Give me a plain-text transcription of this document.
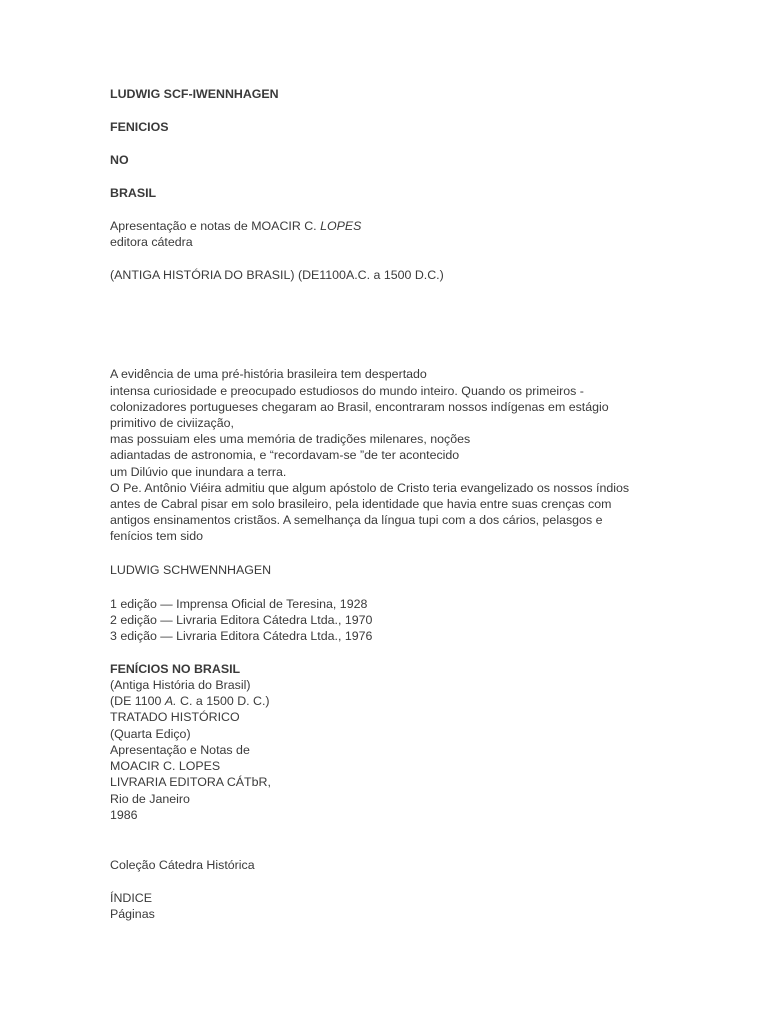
LUDWIG SCF-IWENNHAGEN
FENICIOS
NO
BRASIL
Apresentação e notas de MOACIR C. LOPES
editora cátedra
(ANTIGA HISTÓRIA DO BRASIL) (DE1100A.C. a 1500 D.C.)
A evidência de uma pré-história brasileira tem despertado
intensa curiosidade e preocupado estudiosos do mundo inteiro. Quando os primeiros -
colonizadores portugueses chegaram ao Brasil, encontraram nossos indígenas em estágio
primitivo de civiização,
mas possuiam eles uma memória de tradições milenares, noções
adiantadas de astronomia, e “recordavam-se ”de ter acontecido
um Dilúvio que inundara a terra.
O Pe. Antônio Viéira admitiu que algum apóstolo de Cristo teria evangelizado os nossos índios
antes de Cabral pisar em solo brasileiro, pela identidade que havia entre suas crenças com
antigos ensinamentos cristãos. A semelhança da língua tupi com a dos cários, pelasgos e
fenícios tem sido
LUDWIG SCHWENNHAGEN
1 edição — Imprensa Oficial de Teresina, 1928
2 edição — Livraria Editora Cátedra Ltda., 1970
3 edição — Livraria Editora Cátedra Ltda., 1976
FENÍCIOS NO BRASIL
(Antiga História do Brasil)
(DE 1100 A. C. a 1500 D. C.)
TRATADO HISTÓRICO
(Quarta Ediço)
Apresentação e Notas de
MOACIR C. LOPES
LIVRARIA EDITORA CÁTbR,
Rio de Janeiro
1986
Coleção Cátedra Histórica
ÍNDICE
Páginas
